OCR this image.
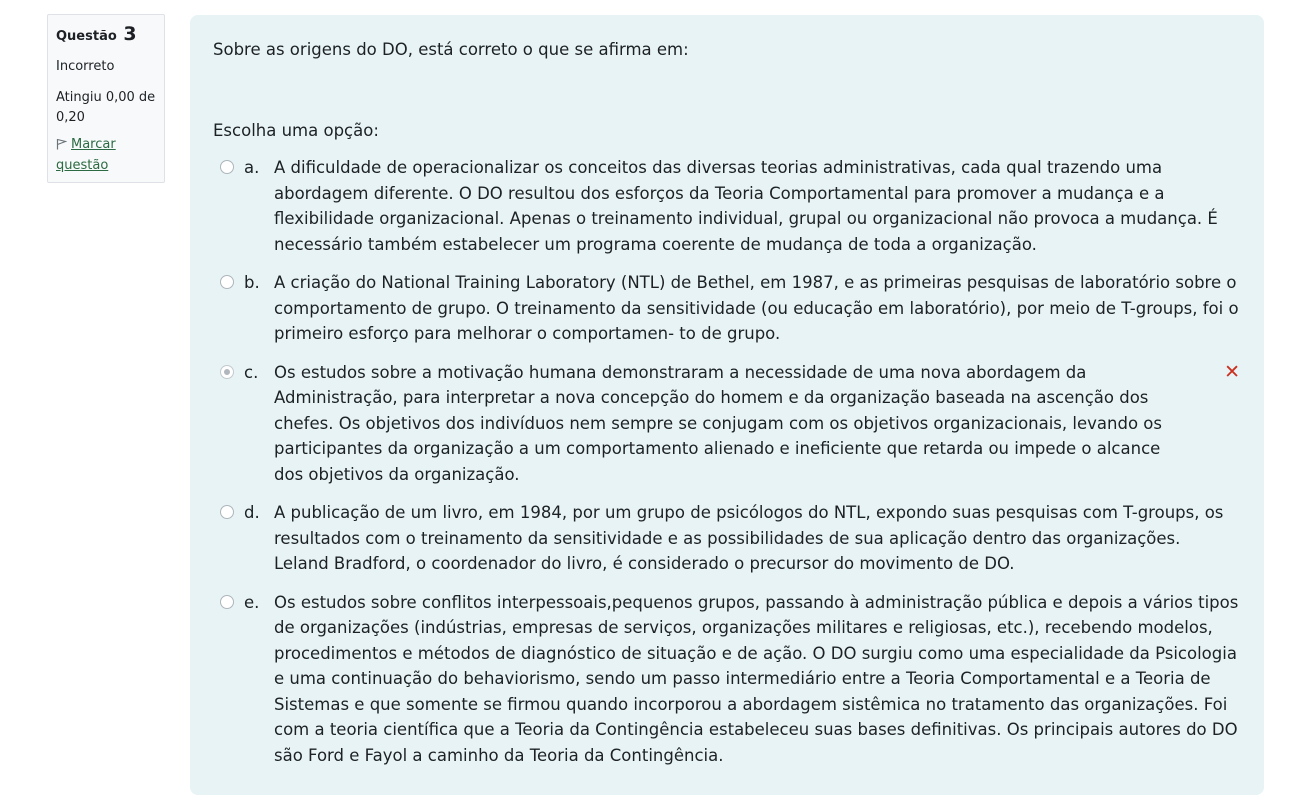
Questão 3
Incorreto
Atingiu 0,00 de 0,20
Marcar questão
Sobre as origens do DO, está correto o que se afirma em:
Escolha uma opção:
a. A dificuldade de operacionalizar os conceitos das diversas teorias administrativas, cada qual trazendo uma abordagem diferente. O DO resultou dos esforços da Teoria Comportamental para promover a mudança e a flexibilidade organizacional. Apenas o treinamento individual, grupal ou organizacional não provoca a mudança. É necessário também estabelecer um programa coerente de mudança de toda a organização.
b. A criação do National Training Laboratory (NTL) de Bethel, em 1987, e as primeiras pesquisas de laboratório sobre o comportamento de grupo. O treinamento da sensitividade (ou educação em laboratório), por meio de T-groups, foi o primeiro esforço para melhorar o comportamen- to de grupo.
c. Os estudos sobre a motivação humana demonstraram a necessidade de uma nova abordagem da Administração, para interpretar a nova concepção do homem e da organização baseada na ascenção dos chefes. Os objetivos dos indivíduos nem sempre se conjugam com os objetivos organizacionais, levando os participantes da organização a um comportamento alienado e ineficiente que retarda ou impede o alcance dos objetivos da organização.
✕
d. A publicação de um livro, em 1984, por um grupo de psicólogos do NTL, expondo suas pesquisas com T-groups, os resultados com o treinamento da sensitividade e as possibilidades de sua aplicação dentro das organizações. Leland Bradford, o coordenador do livro, é considerado o precursor do movimento de DO.
e. Os estudos sobre conflitos interpessoais,pequenos grupos, passando à administração pública e depois a vários tipos de organizações (indústrias, empresas de serviços, organizações militares e religiosas, etc.), recebendo modelos, procedimentos e métodos de diagnóstico de situação e de ação. O DO surgiu como uma especialidade da Psicologia e uma continuação do behaviorismo, sendo um passo intermediário entre a Teoria Comportamental e a Teoria de Sistemas e que somente se firmou quando incorporou a abordagem sistêmica no tratamento das organizações. Foi com a teoria científica que a Teoria da Contingência estabeleceu suas bases definitivas. Os principais autores do DO são Ford e Fayol a caminho da Teoria da Contingência.
